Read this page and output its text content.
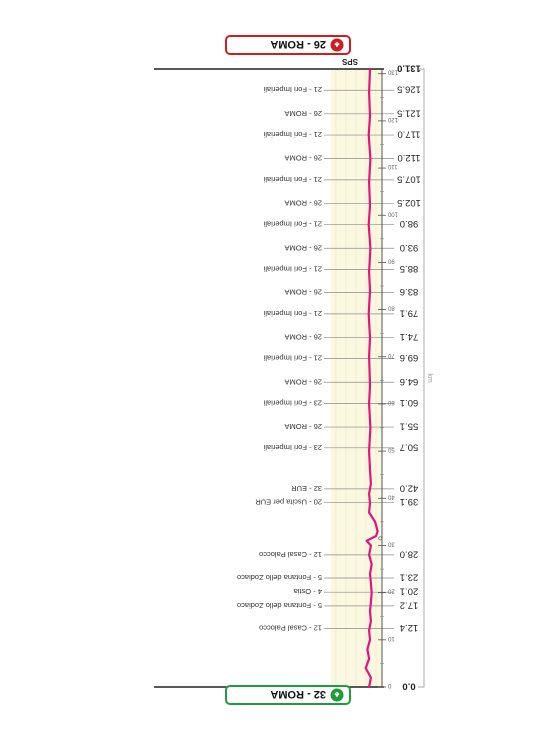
0
10
20
30
40
50
60
70
80
90
100
110
120
130
km
SPS
0.0
12.4
12 - Casal Palocco
17.2
5 - Fontana dello Zodiaco
20.1
4 - Ostia
23.1
5 - Fontana dello Zodiaco
28.0
12 - Casal Palocco
39.1
20 - Uscita per EUR
42.0
32 - EUR
50.7
23 - Fori Imperiali
55.1
26 - ROMA
60.1
23 - Fori Imperiali
64.6
26 - ROMA
69.6
21 - Fori Imperiali
74.1
26 - ROMA
79.1
21 - Fori Imperiali
83.6
26 - ROMA
88.5
21 - Fori Imperiali
93.0
26 - ROMA
98.0
21 - Fori Imperiali
102.5
26 - ROMA
107.5
21 - Fori Imperiali
112.0
26 - ROMA
117.0
21 - Fori Imperiali
121.5
26 - ROMA
126.5
21 - Fori Imperiali
131.0
♣
32 - ROMA
♣
26 - ROMA
